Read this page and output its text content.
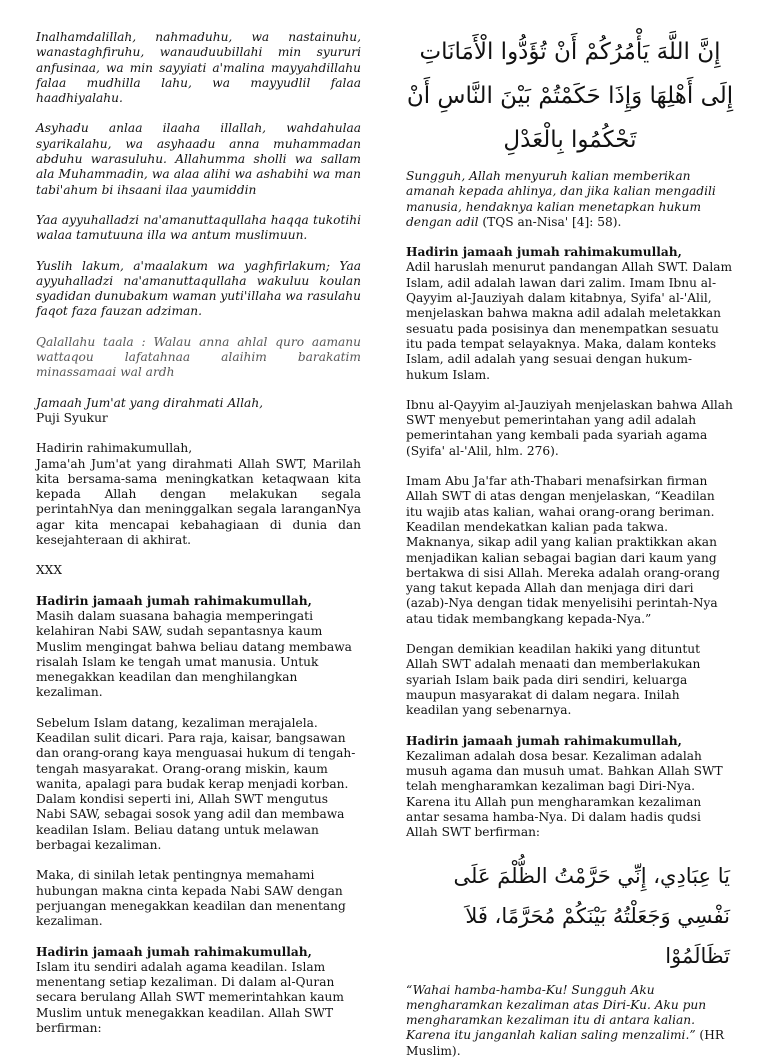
Inalhamdalillah, nahmaduhu, wa nastainuhu, wanastaghfiruhu, wanauduubillahi min syururi anfusinaa, wa min sayyiati a'malina mayyahdillahu falaa mudhilla lahu, wa mayyudlil falaa haadhiyalahu.

Asyhadu anlaa ilaaha illallah, wahdahulaa syarikalahu, wa asyhaadu anna muhammadan abduhu warasuluhu. Allahumma sholli wa sallam ala Muhammadin, wa alaa alihi wa ashabihi wa man tabi'ahum bi ihsaani ilaa yaumiddin

Yaa ayyuhalladzi na'amanuttaqullaha haqqa tukotihi walaa tamutuuna illa wa antum muslimuun.

Yuslih lakum, a'maalakum wa yaghfirlakum; Yaa ayyuhalladzi na'amanuttaqullaha wakuluu koulan syadidan dunubakum waman yuti'illaha wa rasulahu faqot faza fauzan adziman.

Qalallahu taala : Walau anna ahlal quro aamanu wattaqou lafatahnaa alaihim barakatim minassamaai wal ardh

Jamaah Jum'at yang dirahmati Allah,

Puji Syukur

Hadirin rahimakumullah,

Jama'ah Jum'at yang dirahmati Allah SWT, Marilah kita bersama-sama meningkatkan ketaqwaan kita kepada Allah dengan melakukan segala perintahNya dan meninggalkan segala laranganNya agar kita mencapai kebahagiaan di dunia dan kesejahteraan di akhirat.

XXX

Hadirin jamaah jumah rahimakumullah,

Masih dalam suasana bahagia memperingati kelahiran Nabi SAW, sudah sepantasnya kaum Muslim mengingat bahwa beliau datang membawa risalah Islam ke tengah umat manusia. Untuk menegakkan keadilan dan menghilangkan kezaliman.

Sebelum Islam datang, kezaliman merajalela. Keadilan sulit dicari. Para raja, kaisar, bangsawan dan orang-orang kaya menguasai hukum di tengah-tengah masyarakat. Orang-orang miskin, kaum wanita, apalagi para budak kerap menjadi korban.

Dalam kondisi seperti ini, Allah SWT mengutus Nabi SAW, sebagai sosok yang adil dan membawa keadilan Islam. Beliau datang untuk melawan berbagai kezaliman.

Maka, di sinilah letak pentingnya memahami hubungan makna cinta kepada Nabi SAW dengan perjuangan menegakkan keadilan dan menentang kezaliman.

Hadirin jamaah jumah rahimakumullah,

Islam itu sendiri adalah agama keadilan. Islam menentang setiap kezaliman. Di dalam al-Quran secara berulang Allah SWT memerintahkan kaum Muslim untuk menegakkan keadilan. Allah SWT berfirman:

إِنَّ اللَّهَ يَأْمُرُكُمْ أَنْ تُؤَدُّوا الْأَمَانَاتِ إِلَى أَهْلِهَا وَإِذَا حَكَمْتُمْ بَيْنَ النَّاسِ أَنْ تَحْكُمُوا بِالْعَدْلِ

Sungguh, Allah menyuruh kalian memberikan amanah kepada ahlinya, dan jika kalian mengadili manusia, hendaknya kalian menetapkan hukum dengan adil (TQS an-Nisa' [4]: 58).

Hadirin jamaah jumah rahimakumullah,

Adil haruslah menurut pandangan Allah SWT. Dalam Islam, adil adalah lawan dari zalim. Imam Ibnu al-Qayyim al-Jauziyah dalam kitabnya, Syifa' al-'Alil, menjelaskan bahwa makna adil adalah meletakkan sesuatu pada posisinya dan menempatkan sesuatu itu pada tempat selayaknya. Maka, dalam konteks Islam, adil adalah yang sesuai dengan hukum-hukum Islam.

Ibnu al-Qayyim al-Jauziyah menjelaskan bahwa Allah SWT menyebut pemerintahan yang adil adalah pemerintahan yang kembali pada syariah agama (Syifa' al-'Alil, hlm. 276).

Imam Abu Ja'far ath-Thabari menafsirkan firman Allah SWT di atas dengan menjelaskan, “Keadilan itu wajib atas kalian, wahai orang-orang beriman. Keadilan mendekatkan kalian pada takwa. Maknanya, sikap adil yang kalian praktikkan akan menjadikan kalian sebagai bagian dari kaum yang bertakwa di sisi Allah. Mereka adalah orang-orang yang takut kepada Allah dan menjaga diri dari (azab)-Nya dengan tidak menyelisihi perintah-Nya atau tidak membangkang kepada-Nya.”

Dengan demikian keadilan hakiki yang dituntut Allah SWT adalah menaati dan memberlakukan syariah Islam baik pada diri sendiri, keluarga maupun masyarakat di dalam negara. Inilah keadilan yang sebenarnya.

Hadirin jamaah jumah rahimakumullah,

Kezaliman adalah dosa besar. Kezaliman adalah musuh agama dan musuh umat. Bahkan Allah SWT telah mengharamkan kezaliman bagi Diri-Nya. Karena itu Allah pun mengharamkan kezaliman antar sesama hamba-Nya. Di dalam hadis qudsi Allah SWT berfirman:

يَا عِبَادِي، إِنِّي حَرَّمْتُ الظُّلْمَ عَلَى نَفْسِي وَجَعَلْتُهُ بَيْنَكُمْ مُحَرَّمًا، فَلاَ تَظَالَمُوْا

“Wahai hamba-hamba-Ku! Sungguh Aku mengharamkan kezaliman atas Diri-Ku. Aku pun mengharamkan kezaliman itu di antara kalian. Karena itu janganlah kalian saling menzalimi.” (HR Muslim).
